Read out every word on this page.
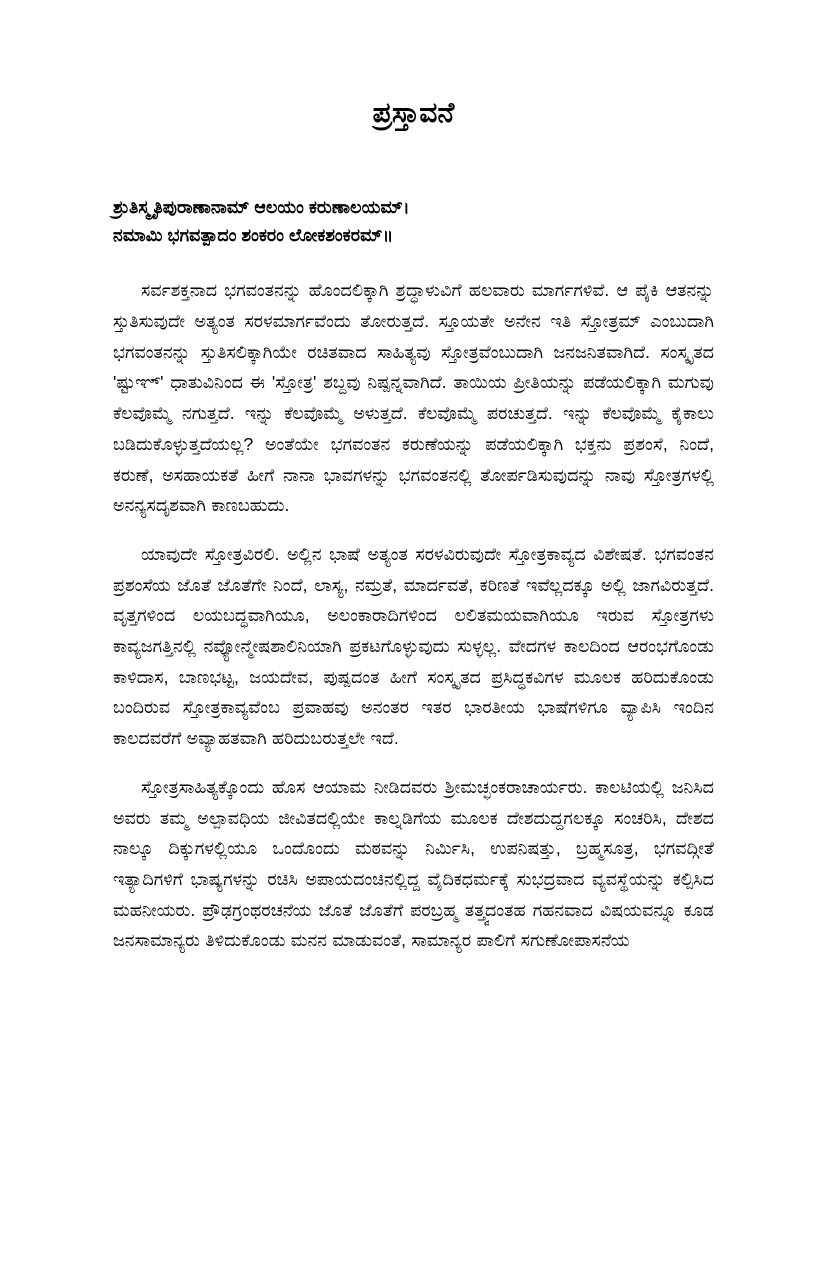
ಪ್ರಸ್ತಾವನೆ
ಶ್ರುತಿಸ್ಮೃತಿಪುರಾಣಾನಾಮ್ ಆಲಯಂ ಕರುಣಾಲಯಮ್।
ನಮಾಮಿ ಭಗವತ್ಪಾದಂ ಶಂಕರಂ ಲೋಕಶಂಕರಮ್॥

ಸರ್ವಶಕ್ತನಾದ ಭಗವಂತನನ್ನು ಹೊಂದಲಿಕ್ಕಾಗಿ ಶ್ರದ್ಧಾಳುವಿಗೆ ಹಲವಾರು ಮಾರ್ಗಗಳಿವೆ. ಆ ಪೈಕಿ ಆತನನ್ನು ಸ್ತುತಿಸುವುದೇ ಅತ್ಯಂತ ಸರಳಮಾರ್ಗವೆಂದು ತೋರುತ್ತದೆ. ಸ್ತೂಯತೇ ಅನೇನ ಇತಿ ಸ್ತೋತ್ರಮ್ ಎಂಬುದಾಗಿ ಭಗವಂತನನ್ನು ಸ್ತುತಿಸಲಿಕ್ಕಾಗಿಯೇ ರಚಿತವಾದ ಸಾಹಿತ್ಯವು ಸ್ತೋತ್ರವೆಂಬುದಾಗಿ ಜನಜನಿತವಾಗಿದೆ. ಸಂಸ್ಕೃತದ 'ಷ್ಟುಞ್' ಧಾತುವಿನಿಂದ ಈ 'ಸ್ತೋತ್ರ' ಶಬ್ದವು ನಿಷ್ಪನ್ನವಾಗಿದೆ. ತಾಯಿಯ ಪ್ರೀತಿಯನ್ನು ಪಡೆಯಲಿಕ್ಕಾಗಿ ಮಗುವು ಕೆಲವೊಮ್ಮೆ ನಗುತ್ತದೆ. ಇನ್ನು ಕೆಲವೊಮ್ಮೆ ಅಳುತ್ತದೆ. ಕೆಲವೊಮ್ಮೆ ಪರಚುತ್ತದೆ. ಇನ್ನು ಕೆಲವೊಮ್ಮೆ ಕೈಕಾಲು ಬಡಿದುಕೊಳ್ಳುತ್ತದೆಯಲ್ಲ? ಅಂತೆಯೇ ಭಗವಂತನ ಕರುಣೆಯನ್ನು ಪಡೆಯಲಿಕ್ಕಾಗಿ ಭಕ್ತನು ಪ್ರಶಂಸೆ, ನಿಂದೆ, ಕರುಣೆ, ಅಸಹಾಯಕತೆ ಹೀಗೆ ನಾನಾ ಭಾವಗಳನ್ನು ಭಗವಂತನಲ್ಲಿ ತೋರ್ಪಡಿಸುವುದನ್ನು ನಾವು ಸ್ತೋತ್ರಗಳಲ್ಲಿ ಅನನ್ಯಸದೃಶವಾಗಿ ಕಾಣಬಹುದು.

ಯಾವುದೇ ಸ್ತೋತ್ರವಿರಲಿ. ಅಲ್ಲಿನ ಭಾಷೆ ಅತ್ಯಂತ ಸರಳವಿರುವುದೇ ಸ್ತೋತ್ರಕಾವ್ಯದ ವಿಶೇಷತೆ. ಭಗವಂತನ ಪ್ರಶಂಸೆಯ ಜೊತೆ ಜೊತೆಗೇ ನಿಂದೆ, ಲಾಸ್ಯ, ನಮ್ರತೆ, ಮಾರ್ದವತೆ, ಕರಿಣತೆ ಇವೆಲ್ಲದಕ್ಕೂ ಅಲ್ಲಿ ಜಾಗವಿರುತ್ತದೆ. ವೃತ್ತಗಳಿಂದ ಲಯಬದ್ಧವಾಗಿಯೂ, ಅಲಂಕಾರಾದಿಗಳಿಂದ ಲಲಿತಮಯವಾಗಿಯೂ ಇರುವ ಸ್ತೋತ್ರಗಳು ಕಾವ್ಯಜಗತ್ತಿನಲ್ಲಿ ನವ್ಯೋನ್ಮೇಷಶಾಲಿನಿಯಾಗಿ ಪ್ರಕಟಗೊಳ್ಳುವುದು ಸುಳ್ಳಲ್ಲ. ವೇದಗಳ ಕಾಲದಿಂದ ಆರಂಭಗೊಂಡು ಕಾಳಿದಾಸ, ಬಾಣಭಟ್ಟ, ಜಯದೇವ, ಪುಷ್ಪದಂತ ಹೀಗೆ ಸಂಸ್ಕೃತದ ಪ್ರಸಿದ್ಧಕವಿಗಳ ಮೂಲಕ ಹರಿದುಕೊಂಡು ಬಂದಿರುವ ಸ್ತೋತ್ರಕಾವ್ಯವೆಂಬ ಪ್ರವಾಹವು ಅನಂತರ ಇತರ ಭಾರತೀಯ ಭಾಷೆಗಳಿಗೂ ವ್ಯಾಪಿಸಿ ಇಂದಿನ ಕಾಲದವರೆಗೆ ಅವ್ಯಾಹತವಾಗಿ ಹರಿದುಬರುತ್ತಲೇ ಇದೆ.

ಸ್ತೋತ್ರಸಾಹಿತ್ಯಕ್ಕೊಂದು ಹೊಸ ಆಯಾಮ ನೀಡಿದವರು ಶ್ರೀಮಚ್ಛಂಕರಾಚಾರ್ಯರು. ಕಾಲಟಿಯಲ್ಲಿ ಜನಿಸಿದ ಅವರು ತಮ್ಮ ಅಲ್ಪಾವಧಿಯ ಜೀವಿತದಲ್ಲಿಯೇ ಕಾಲ್ನಡಿಗೆಯ ಮೂಲಕ ದೇಶದುದ್ದಗಲಕ್ಕೂ ಸಂಚರಿಸಿ, ದೇಶದ ನಾಲ್ಕೂ ದಿಕ್ಕುಗಳಲ್ಲಿಯೂ ಒಂದೊಂದು ಮಠವನ್ನು ನಿರ್ಮಿಸಿ, ಉಪನಿಷತ್ತು, ಬ್ರಹ್ಮಸೂತ್ರ, ಭಗವದ್ಗೀತೆ ಇತ್ಯಾದಿಗಳಿಗೆ ಭಾಷ್ಯಗಳನ್ನು ರಚಿಸಿ ಅಪಾಯದಂಚಿನಲ್ಲಿದ್ದ ವೈದಿಕಧರ್ಮಕ್ಕೆ ಸುಭದ್ರವಾದ ವ್ಯವಸ್ಥೆಯನ್ನು ಕಲ್ಪಿಸಿದ ಮಹನೀಯರು. ಪ್ರೌಢಗ್ರಂಥರಚನೆಯ ಜೊತೆ ಜೊತೆಗೆ ಪರಬ್ರಹ್ಮ ತತ್ತ್ವದಂತಹ ಗಹನವಾದ ವಿಷಯವನ್ನೂ ಕೂಡ ಜನಸಾಮಾನ್ಯರು ತಿಳಿದುಕೊಂಡು ಮನನ ಮಾಡುವಂತೆ, ಸಾಮಾನ್ಯರ ಪಾಲಿಗೆ ಸಗುಣೋಪಾಸನೆಯ
